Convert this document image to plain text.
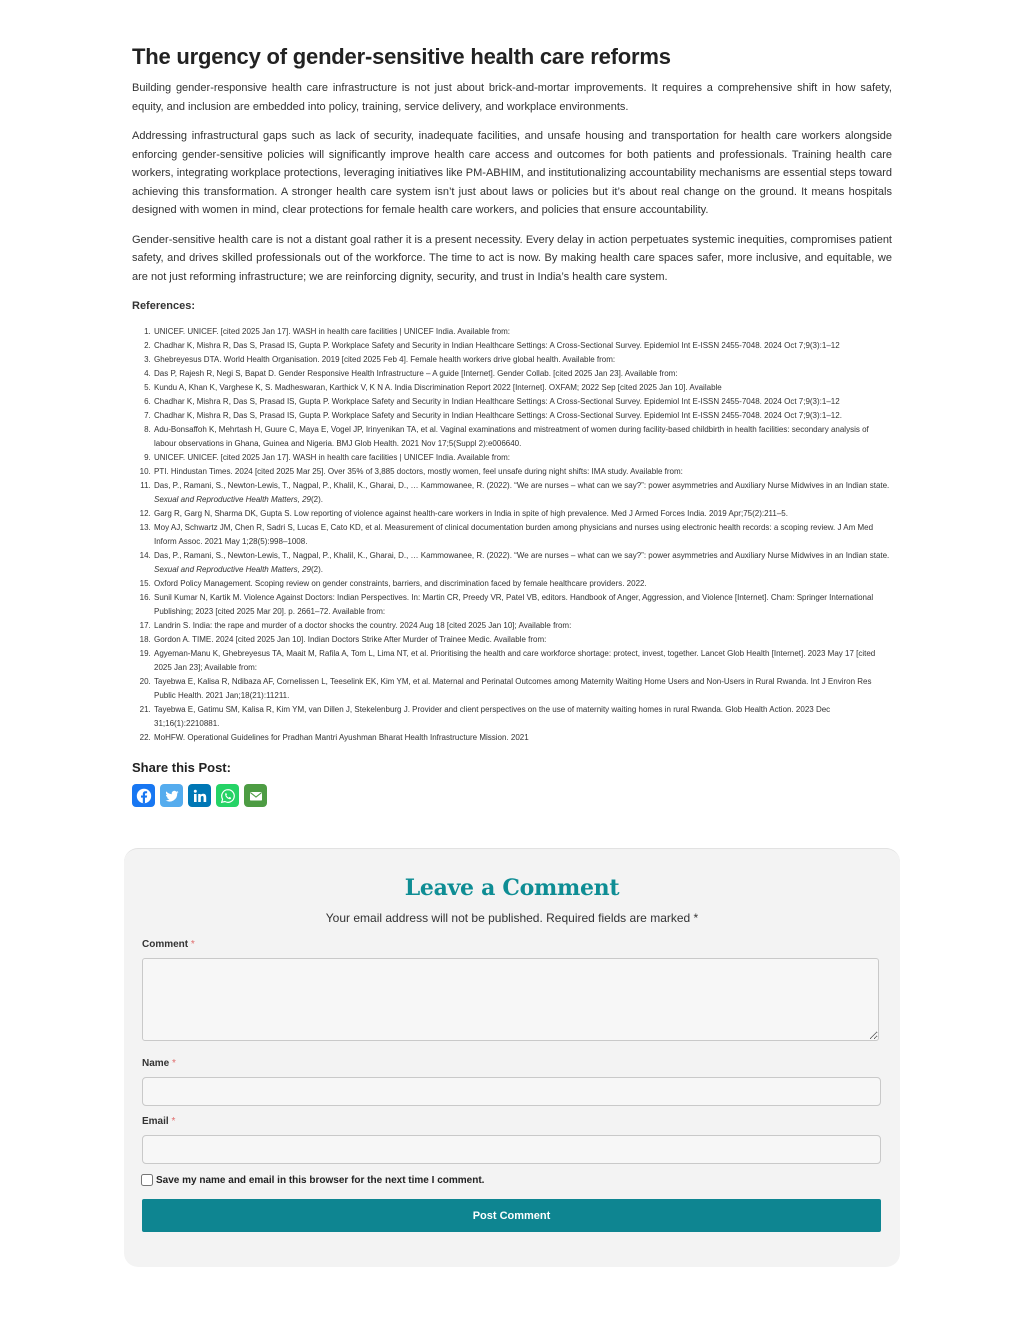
The urgency of gender-sensitive health care reforms

Building gender-responsive health care infrastructure is not just about brick-and-mortar improvements. It requires a comprehensive shift in how safety, equity, and inclusion are embedded into policy, training, service delivery, and workplace environments.

Addressing infrastructural gaps such as lack of security, inadequate facilities, and unsafe housing and transportation for health care workers alongside enforcing gender-sensitive policies will significantly improve health care access and outcomes for both patients and professionals. Training health care workers, integrating workplace protections, leveraging initiatives like PM-ABHIM, and institutionalizing accountability mechanisms are essential steps toward achieving this transformation. A stronger health care system isn’t just about laws or policies but it’s about real change on the ground. It means hospitals designed with women in mind, clear protections for female health care workers, and policies that ensure accountability.

Gender-sensitive health care is not a distant goal rather it is a present necessity. Every delay in action perpetuates systemic inequities, compromises patient safety, and drives skilled professionals out of the workforce. The time to act is now. By making health care spaces safer, more inclusive, and equitable, we are not just reforming infrastructure; we are reinforcing dignity, security, and trust in India’s health care system.

References:
1. UNICEF. UNICEF. [cited 2025 Jan 17]. WASH in health care facilities | UNICEF India. Available from:
2. Chadhar K, Mishra R, Das S, Prasad IS, Gupta P. Workplace Safety and Security in Indian Healthcare Settings: A Cross-Sectional Survey. Epidemiol Int E-ISSN 2455-7048. 2024 Oct 7;9(3):1–12
3. Ghebreyesus DTA. World Health Organisation. 2019 [cited 2025 Feb 4]. Female health workers drive global health. Available from:
4. Das P, Rajesh R, Negi S, Bapat D. Gender Responsive Health Infrastructure – A guide [Internet]. Gender Collab. [cited 2025 Jan 23]. Available from:
5. Kundu A, Khan K, Varghese K, S. Madheswaran, Karthick V, K N A. India Discrimination Report 2022 [Internet]. OXFAM; 2022 Sep [cited 2025 Jan 10]. Available
6. Chadhar K, Mishra R, Das S, Prasad IS, Gupta P. Workplace Safety and Security in Indian Healthcare Settings: A Cross-Sectional Survey. Epidemiol Int E-ISSN 2455-7048. 2024 Oct 7;9(3):1–12
7. Chadhar K, Mishra R, Das S, Prasad IS, Gupta P. Workplace Safety and Security in Indian Healthcare Settings: A Cross-Sectional Survey. Epidemiol Int E-ISSN 2455-7048. 2024 Oct 7;9(3):1–12.
8. Adu-Bonsaffoh K, Mehrtash H, Guure C, Maya E, Vogel JP, Irinyenikan TA, et al. Vaginal examinations and mistreatment of women during facility-based childbirth in health facilities: secondary analysis of labour observations in Ghana, Guinea and Nigeria. BMJ Glob Health. 2021 Nov 17;5(Suppl 2):e006640.
9. UNICEF. UNICEF. [cited 2025 Jan 17]. WASH in health care facilities | UNICEF India. Available from:
10. PTI. Hindustan Times. 2024 [cited 2025 Mar 25]. Over 35% of 3,885 doctors, mostly women, feel unsafe during night shifts: IMA study. Available from:
11. Das, P., Ramani, S., Newton-Lewis, T., Nagpal, P., Khalil, K., Gharai, D., … Kammowanee, R. (2022). “We are nurses – what can we say?”: power asymmetries and Auxiliary Nurse Midwives in an Indian state. Sexual and Reproductive Health Matters, 29(2).
12. Garg R, Garg N, Sharma DK, Gupta S. Low reporting of violence against health-care workers in India in spite of high prevalence. Med J Armed Forces India. 2019 Apr;75(2):211–5.
13. Moy AJ, Schwartz JM, Chen R, Sadri S, Lucas E, Cato KD, et al. Measurement of clinical documentation burden among physicians and nurses using electronic health records: a scoping review. J Am Med Inform Assoc. 2021 May 1;28(5):998–1008.
14. Das, P., Ramani, S., Newton-Lewis, T., Nagpal, P., Khalil, K., Gharai, D., … Kammowanee, R. (2022). “We are nurses – what can we say?”: power asymmetries and Auxiliary Nurse Midwives in an Indian state. Sexual and Reproductive Health Matters, 29(2).
15. Oxford Policy Management. Scoping review on gender constraints, barriers, and discrimination faced by female healthcare providers. 2022.
16. Sunil Kumar N, Kartik M. Violence Against Doctors: Indian Perspectives. In: Martin CR, Preedy VR, Patel VB, editors. Handbook of Anger, Aggression, and Violence [Internet]. Cham: Springer International Publishing; 2023 [cited 2025 Mar 20]. p. 2661–72. Available from:
17. Landrin S. India: the rape and murder of a doctor shocks the country. 2024 Aug 18 [cited 2025 Jan 10]; Available from:
18. Gordon A. TIME. 2024 [cited 2025 Jan 10]. Indian Doctors Strike After Murder of Trainee Medic. Available from:
19. Agyeman-Manu K, Ghebreyesus TA, Maait M, Rafila A, Tom L, Lima NT, et al. Prioritising the health and care workforce shortage: protect, invest, together. Lancet Glob Health [Internet]. 2023 May 17 [cited 2025 Jan 23]; Available from:
20. Tayebwa E, Kalisa R, Ndibaza AF, Cornelissen L, Teeselink EK, Kim YM, et al. Maternal and Perinatal Outcomes among Maternity Waiting Home Users and Non-Users in Rural Rwanda. Int J Environ Res Public Health. 2021 Jan;18(21):11211.
21. Tayebwa E, Gatimu SM, Kalisa R, Kim YM, van Dillen J, Stekelenburg J. Provider and client perspectives on the use of maternity waiting homes in rural Rwanda. Glob Health Action. 2023 Dec 31;16(1):2210881.
22. MoHFW. Operational Guidelines for Pradhan Mantri Ayushman Bharat Health Infrastructure Mission. 2021
Share this Post:
Leave a Comment

Your email address will not be published. Required fields are marked *

Comment *
Name *
Email *
Save my name and email in this browser for the next time I comment.
Post Comment
